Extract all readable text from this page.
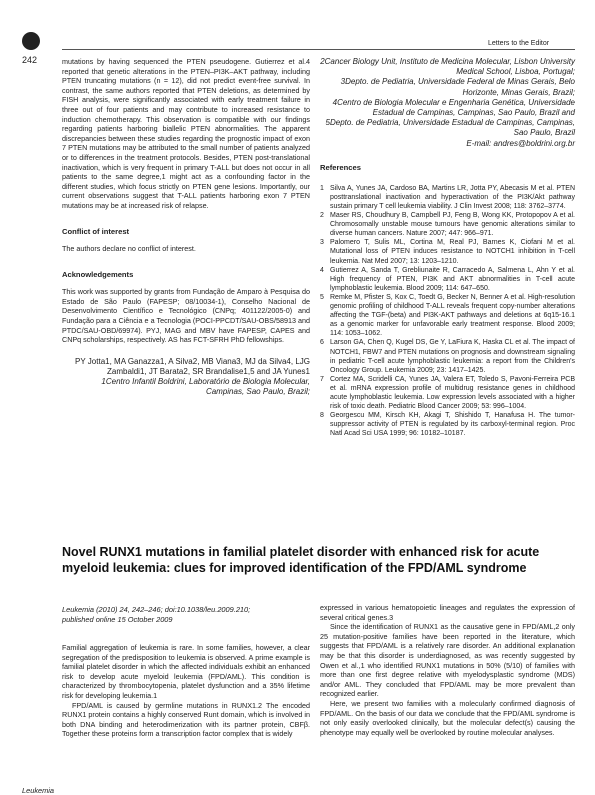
242
Letters to the Editor

mutations by having sequenced the PTEN pseudogene. Gutierrez et al.4 reported that genetic alterations in the PTEN–PI3K–AKT pathway, including PTEN truncating mutations (n = 12), did not predict event-free survival. In contrast, the same authors reported that PTEN deletions, as determined by FISH analysis, were significantly associated with early treatment failure in three out of four patients and may contribute to increased resistance to induction chemotherapy. This observation is compatible with our findings regarding patients harboring biallelic PTEN abnormalities. The apparent discrepancies between these studies regarding the prognostic impact of exon 7 PTEN mutations may be attributed to the small number of patients analyzed or to differences in the treatment protocols. Besides, PTEN post-translational inactivation, which is very frequent in primary T-ALL but does not occur in all patients to the same degree,1 might act as a confounding factor in the different studies, which focus strictly on PTEN gene lesions. Importantly, our current observations suggest that T-ALL patients harboring exon 7 PTEN mutations may be at increased risk of relapse.

Conflict of interest

The authors declare no conflict of interest.

Acknowledgements

This work was supported by grants from Fundação de Amparo à Pesquisa do Estado de São Paulo (FAPESP; 08/10034-1), Conselho Nacional de Desenvolvimento Científico e Tecnológico (CNPq; 401122/2005-0) and Fundação para a Ciência e a Tecnologia (POCI-PPCDT/SAU-OBS/58913 and PTDC/SAU-OBD/69974). PYJ, MAG and MBV have FAPESP, CAPES and CNPq scholarships, respectively. AS has FCT-SFRH PhD fellowships.

PY Jotta1, MA Ganazza1, A Silva2, MB Viana3, MJ da Silva4, LJG Zambaldi1, JT Barata2, SR Brandalise1,5 and JA Yunes1
1Centro Infantil Boldrini, Laboratório de Biologia Molecular, Campinas, Sao Paulo, Brazil;
2Cancer Biology Unit, Instituto de Medicina Molecular, Lisbon University Medical School, Lisboa, Portugal;
3Depto. de Pediatria, Universidade Federal de Minas Gerais, Belo Horizonte, Minas Gerais, Brazil;
4Centro de Biologia Molecular e Engenharia Genética, Universidade Estadual de Campinas, Campinas, Sao Paulo, Brazil and
5Depto. de Pediatria, Universidade Estadual de Campinas, Campinas, Sao Paulo, Brazil
E-mail: andres@boldrini.org.br

References

1 Silva A, Yunes JA, Cardoso BA, Martins LR, Jotta PY, Abecasis M et al. PTEN posttranslational inactivation and hyperactivation of the PI3K/Akt pathway sustain primary T cell leukemia viability. J Clin Invest 2008; 118: 3762–3774.
2 Maser RS, Choudhury B, Campbell PJ, Feng B, Wong KK, Protopopov A et al. Chromosomally unstable mouse tumours have genomic alterations similar to diverse human cancers. Nature 2007; 447: 966–971.
3 Palomero T, Sulis ML, Cortina M, Real PJ, Barnes K, Ciofani M et al. Mutational loss of PTEN induces resistance to NOTCH1 inhibition in T-cell leukemia. Nat Med 2007; 13: 1203–1210.
4 Gutierrez A, Sanda T, Grebliunaite R, Carracedo A, Salmena L, Ahn Y et al. High frequency of PTEN, PI3K and AKT abnormalities in T-cell acute lymphoblastic leukemia. Blood 2009; 114: 647–650.
5 Remke M, Pfister S, Kox C, Toedt G, Becker N, Benner A et al. High-resolution genomic profiling of childhood T-ALL reveals frequent copy-number alterations affecting the TGF-(beta) and PI3K-AKT pathways and deletions at 6q15-16.1 as a genomic marker for unfavorable early treatment response. Blood 2009; 114: 1053–1062.
6 Larson GA, Chen Q, Kugel DS, Ge Y, LaFiura K, Haska CL et al. The impact of NOTCH1, FBW7 and PTEN mutations on prognosis and downstream signaling in pediatric T-cell acute lymphoblastic leukemia: a report from the Children's Oncology Group. Leukemia 2009; 23: 1417–1425.
7 Cortez MA, Scridelli CA, Yunes JA, Valera ET, Toledo S, Pavoni-Ferreira PCB et al. mRNA expression profile of multidrug resistance genes in childhood acute lymphoblastic leukemia. Low expression levels associated with a higher risk of toxic death. Pediatric Blood Cancer 2009; 53: 996–1004.
8 Georgescu MM, Kirsch KH, Akagi T, Shishido T, Hanafusa H. The tumor-suppressor activity of PTEN is regulated by its carboxyl-terminal region. Proc Natl Acad Sci USA 1999; 96: 10182–10187.
Novel RUNX1 mutations in familial platelet disorder with enhanced risk for acute myeloid leukemia: clues for improved identification of the FPD/AML syndrome
Leukemia (2010) 24, 242–246; doi:10.1038/leu.2009.210;
published online 15 October 2009

Familial aggregation of leukemia is rare. In some families, however, a clear segregation of the predisposition to leukemia is observed. A prime example is familial platelet disorder in which the affected individuals exhibit an enhanced risk to develop acute myeloid leukemia (FPD/AML). This condition is characterized by thrombocytopenia, platelet dysfunction and a 35% lifetime risk for developing leukemia.1

FPD/AML is caused by germline mutations in RUNX1.2 The encoded RUNX1 protein contains a highly conserved Runt domain, which is involved in both DNA binding and heterodimerization with its partner protein, CBFβ. Together these proteins form a transcription factor complex that is widely

expressed in various hematopoietic lineages and regulates the expression of several critical genes.3

Since the identification of RUNX1 as the causative gene in FPD/AML,2 only 25 mutation-positive families have been reported in the literature, which suggests that FPD/AML is a relatively rare disorder. An additional explanation may be that this disorder is underdiagnosed, as was recently suggested by Owen et al.,1 who identified RUNX1 mutations in 50% (5/10) of families with more than one first degree relative with myelodysplastic syndrome (MDS) and/or AML. They concluded that FPD/AML may be more prevalent than recognized earlier.

Here, we present two families with a molecularly confirmed diagnosis of FPD/AML. On the basis of our data we conclude that the FPD/AML syndrome is not only easily overlooked clinically, but the molecular defect(s) causing the phenotype may equally well be overlooked by routine molecular analyses.

Leukemia
